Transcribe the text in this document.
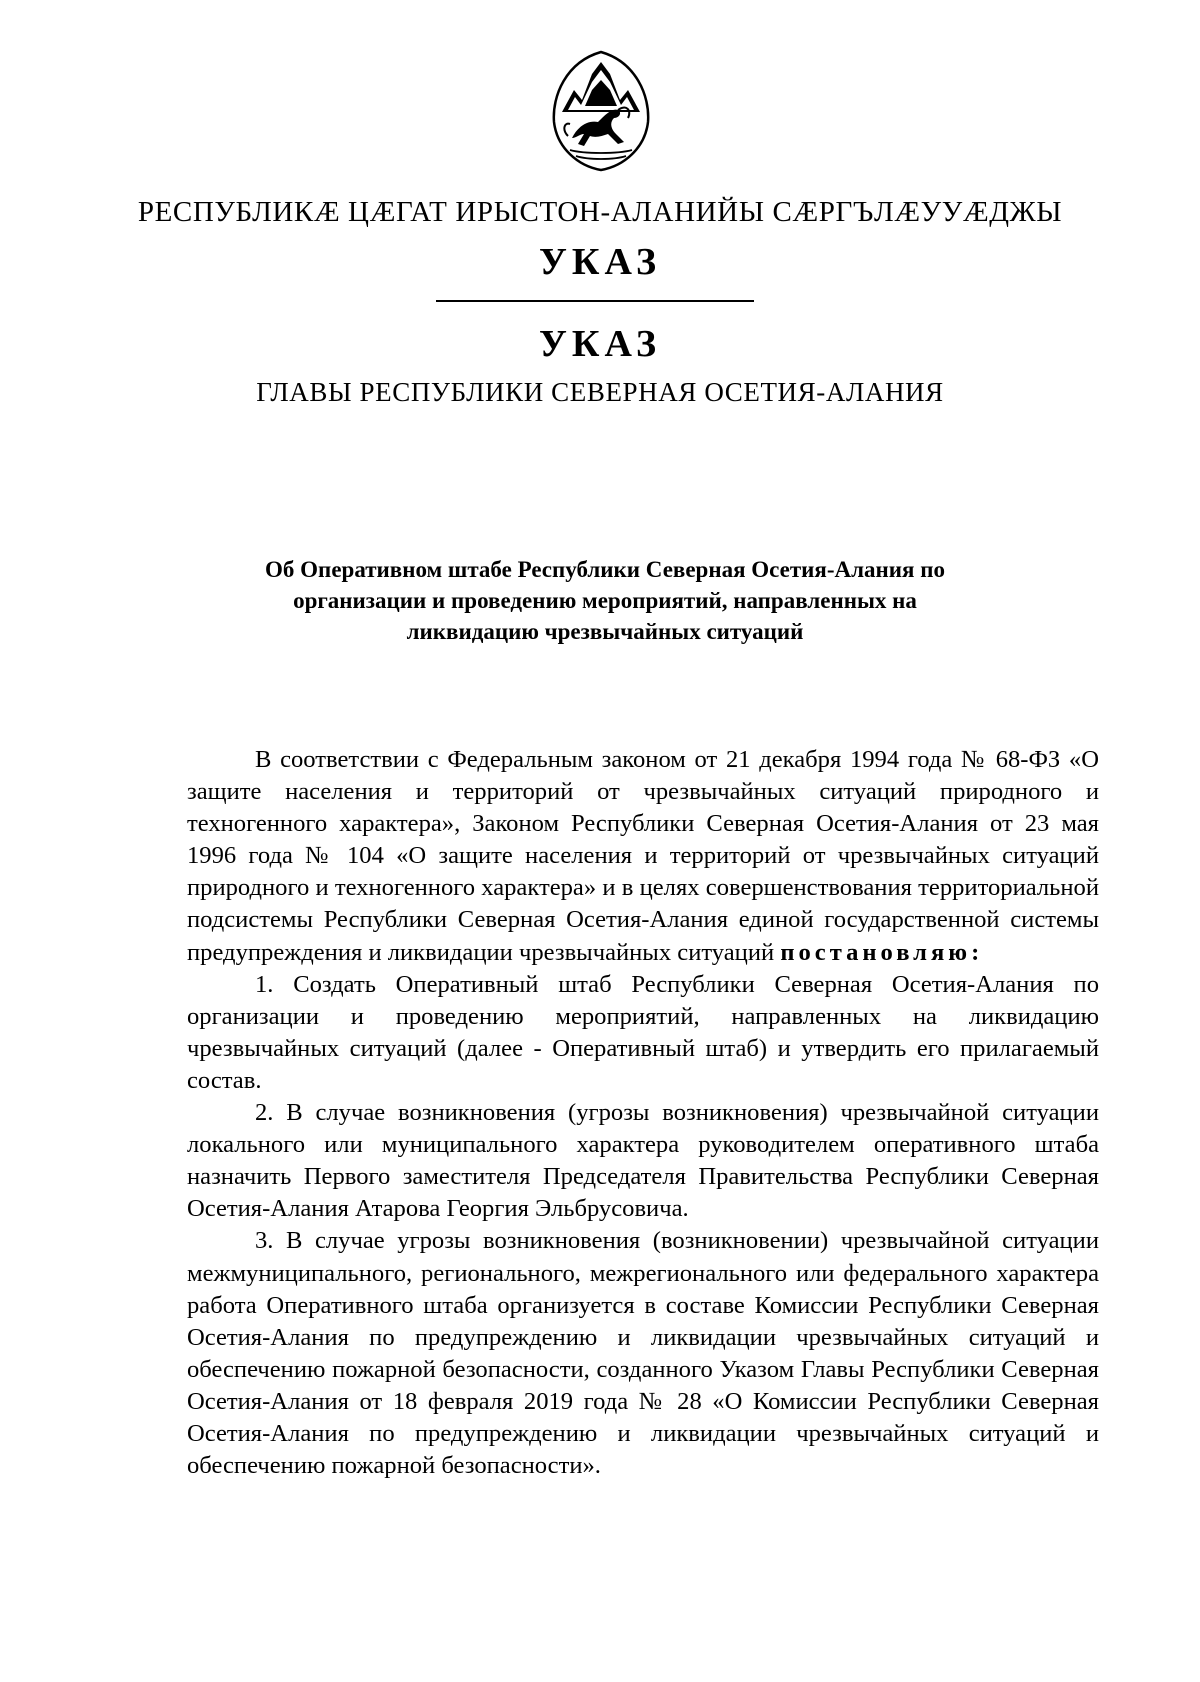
РЕСПУБЛИКӔ ЦӔГАТ ИРЫСТОН-АЛАНИЙЫ СӔРГЪЛӔУУӔДЖЫ
УКАЗ
УКАЗ
ГЛАВЫ РЕСПУБЛИКИ СЕВЕРНАЯ ОСЕТИЯ-АЛАНИЯ
Об Оперативном штабе Республики Северная Осетия-Алания по
организации и проведению мероприятий, направленных на
ликвидацию чрезвычайных ситуаций

В соответствии с Федеральным законом от 21 декабря 1994 года № 68-ФЗ «О защите населения и территорий от чрезвычайных ситуаций природного и техногенного характера», Законом Республики Северная Осетия-Алания от 23 мая 1996 года № 104 «О защите населения и территорий от чрезвычайных ситуаций природного и техногенного характера» и в целях совершенствования территориальной подсистемы Республики Северная Осетия-Алания единой государственной системы предупреждения и ликвидации чрезвычайных ситуаций постановляю:

1. Создать Оперативный штаб Республики Северная Осетия-Алания по организации и проведению мероприятий, направленных на ликвидацию чрезвычайных ситуаций (далее - Оперативный штаб) и утвердить его прилагаемый состав.

2. В случае возникновения (угрозы возникновения) чрезвычайной ситуации локального или муниципального характера руководителем оперативного штаба назначить Первого заместителя Председателя Правительства Республики Северная Осетия-Алания Атарова Георгия Эльбрусовича.

3. В случае угрозы возникновения (возникновении) чрезвычайной ситуации межмуниципального, регионального, межрегионального или федерального характера работа Оперативного штаба организуется в составе Комиссии Республики Северная Осетия-Алания по предупреждению и ликвидации чрезвычайных ситуаций и обеспечению пожарной безопасности, созданного Указом Главы Республики Северная Осетия-Алания от 18 февраля 2019 года № 28 «О Комиссии Республики Северная Осетия-Алания по предупреждению и ликвидации чрезвычайных ситуаций и обеспечению пожарной безопасности».
